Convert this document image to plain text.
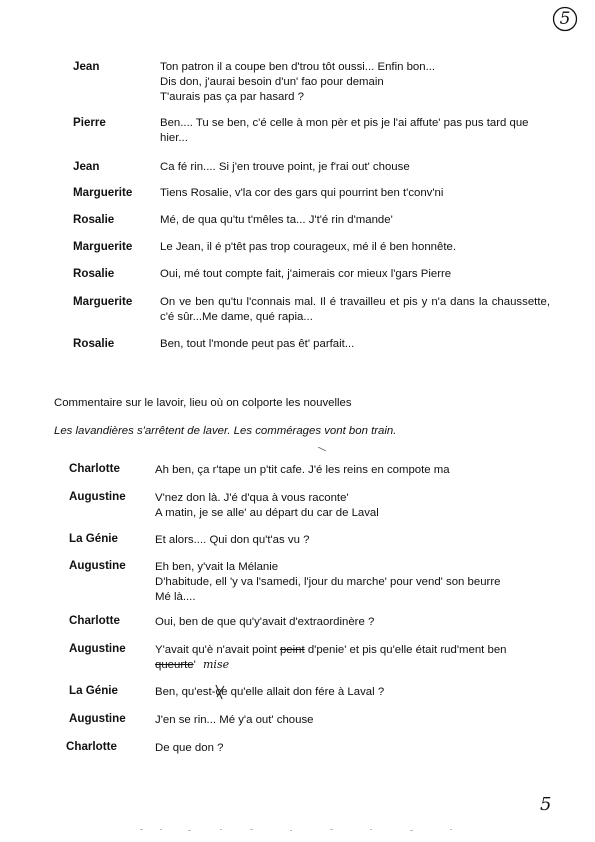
5
Jean	Ton patron il a coupe ben d'trou tôt oussi... Enfin bon...
Dis don, j'aurai besoin d'un' fao pour demain
T'aurais pas ça par hasard ?
Pierre	Ben.... Tu se ben, c'é celle à mon pèr et pis je l'ai affute' pas pus tard que hier...
Jean	Ca fé rin.... Si j'en trouve point, je f'rai out' chouse
Marguerite Tiens Rosalie, v'la cor des gars qui pourrint ben t'conv'ni
Rosalie	Mé, de qua qu'tu t'mêles ta... J't'é rin d'mande'
Marguerite Le Jean, il é p'têt pas trop courageux, mé il é ben honnête.
Rosalie	Oui, mé tout compte fait, j'aimerais cor mieux l'gars Pierre
Marguerite On ve ben qu'tu l'connais mal. Il é travailleu et pis y n'a dans la chaussette, c'é sûr...Me dame, qué rapia...
Rosalie	Ben, tout l'monde peut pas êt' parfait...
Commentaire sur le lavoir, lieu où on colporte les nouvelles
Les lavandières s'arrêtent de laver. Les commérages vont bon train.
Charlotte	Ah ben, ça r'tape un p'tit cafe. J'é les reins en compote ma
Augustine	V'nez don là. J'é d'qua à vous raconte'
A matin, je se alle' au départ du car de Laval
La Génie	Et alors.... Qui don qu't'as vu ?
Augustine	Eh ben, y'vait la Mélanie
D'habitude, ell 'y va l'samedi, l'jour du marche' pour vend' son beurre
Mé là....
Charlotte	Oui, ben de que qu'y'avait d'extraordinère ?
Augustine	Y'avait qu'è n'avait point peint d'penie' et pis qu'elle était rud'ment ben
queurte' mise
La Génie	Ben, qu'est-ce
qu'elle allait don fére à Laval ?
Augustine	J'en se rin... Mé y'a out' chouse
Charlotte	De que don ?
5
